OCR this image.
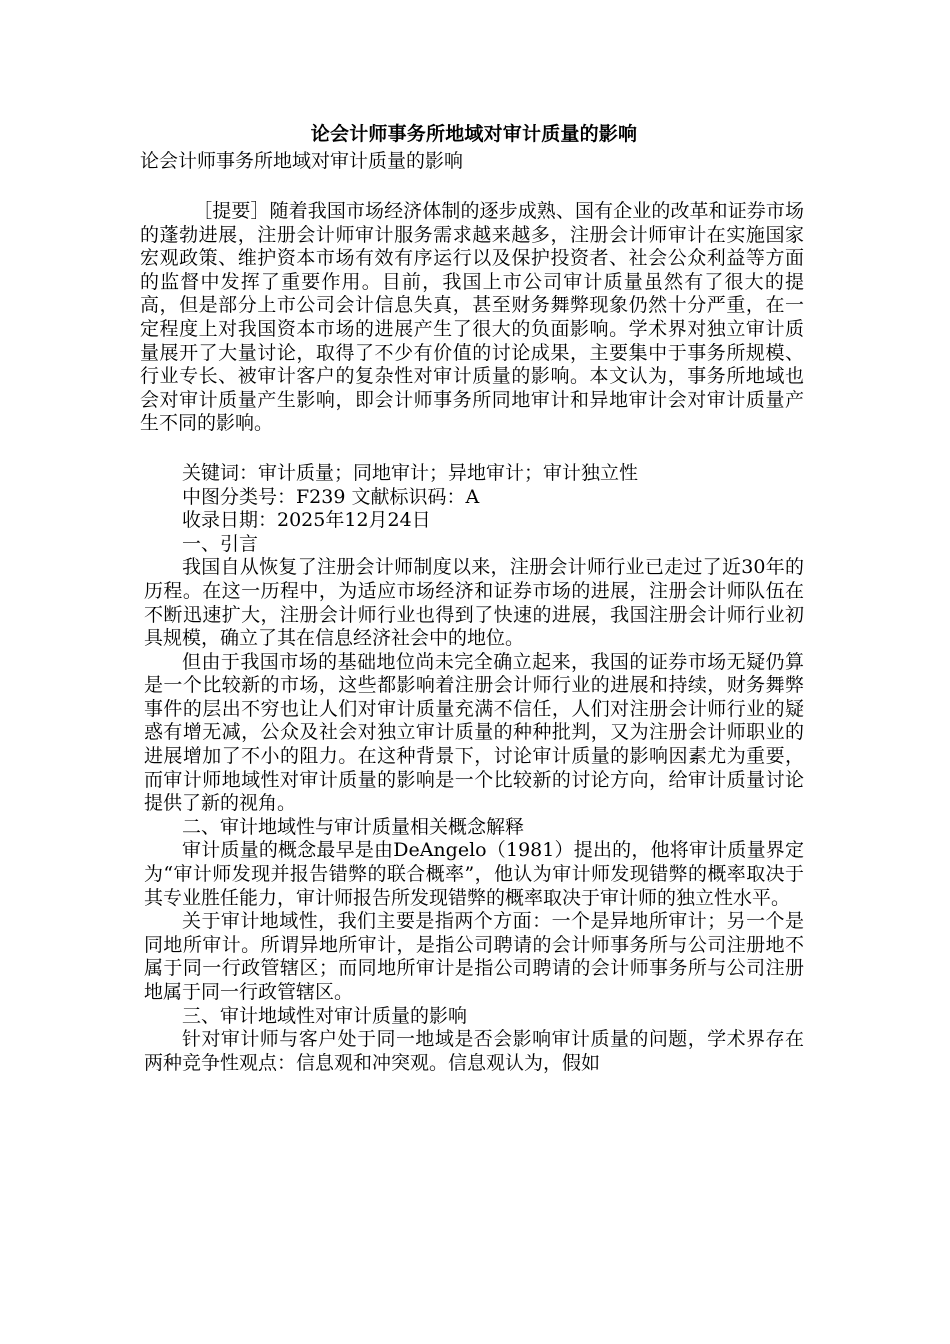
论会计师事务所地域对审计质量的影响

论会计师事务所地域对审计质量的影响

［提要］随着我国市场经济体制的逐步成熟、国有企业的改革和证券市场的蓬勃进展，注册会计师审计服务需求越来越多，注册会计师审计在实施国家宏观政策、维护资本市场有效有序运行以及保护投资者、社会公众利益等方面的监督中发挥了重要作用。目前，我国上市公司审计质量虽然有了很大的提高，但是部分上市公司会计信息失真，甚至财务舞弊现象仍然十分严重，在一定程度上对我国资本市场的进展产生了很大的负面影响。学术界对独立审计质量展开了大量讨论，取得了不少有价值的讨论成果，主要集中于事务所规模、行业专长、被审计客户的复杂性对审计质量的影响。本文认为，事务所地域也会对审计质量产生影响，即会计师事务所同地审计和异地审计会对审计质量产生不同的影响。

关键词：审计质量；同地审计；异地审计；审计独立性

中图分类号：F239 文献标识码：A

收录日期：2025年12月24日

一、引言

我国自从恢复了注册会计师制度以来，注册会计师行业已走过了近30年的历程。在这一历程中，为适应市场经济和证券市场的进展，注册会计师队伍在不断迅速扩大，注册会计师行业也得到了快速的进展，我国注册会计师行业初具规模，确立了其在信息经济社会中的地位。

但由于我国市场的基础地位尚未完全确立起来，我国的证券市场无疑仍算是一个比较新的市场，这些都影响着注册会计师行业的进展和持续，财务舞弊事件的层出不穷也让人们对审计质量充满不信任，人们对注册会计师行业的疑惑有增无减，公众及社会对独立审计质量的种种批判，又为注册会计师职业的进展增加了不小的阻力。在这种背景下，讨论审计质量的影响因素尤为重要，而审计师地域性对审计质量的影响是一个比较新的讨论方向，给审计质量讨论提供了新的视角。

二、审计地域性与审计质量相关概念解释

审计质量的概念最早是由DeAngelo（1981）提出的，他将审计质量界定为“审计师发现并报告错弊的联合概率”，他认为审计师发现错弊的概率取决于其专业胜任能力，审计师报告所发现错弊的概率取决于审计师的独立性水平。

关于审计地域性，我们主要是指两个方面：一个是异地所审计；另一个是同地所审计。所谓异地所审计，是指公司聘请的会计师事务所与公司注册地不属于同一行政管辖区；而同地所审计是指公司聘请的会计师事务所与公司注册地属于同一行政管辖区。

三、审计地域性对审计质量的影响

针对审计师与客户处于同一地域是否会影响审计质量的问题，学术界存在两种竞争性观点：信息观和冲突观。信息观认为，假如
